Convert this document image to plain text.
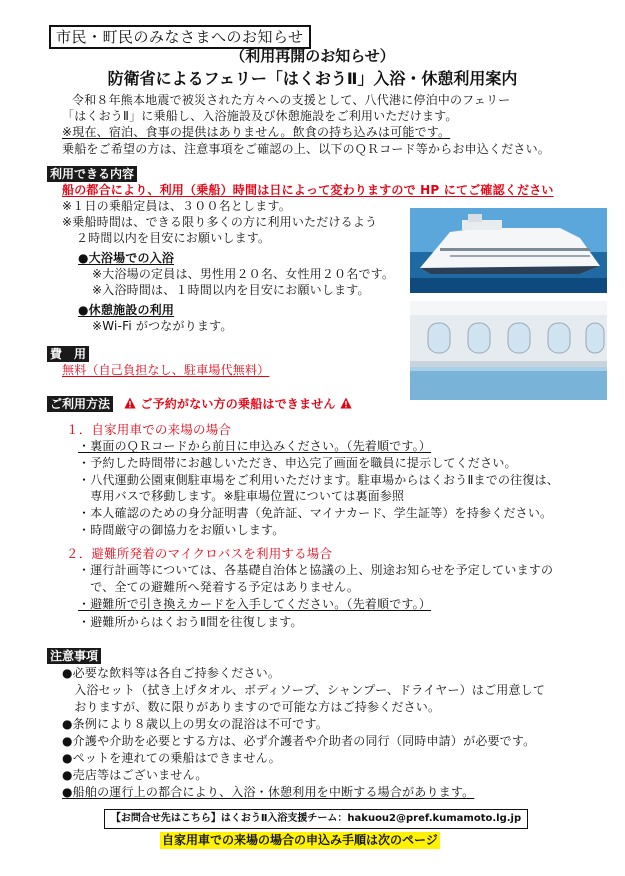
市民・町民のみなさまへのお知らせ
（利用再開のお知らせ）
防衛省によるフェリー「はくおうⅡ」入浴・休憩利用案内
令和８年熊本地震で被災された方々への支援として、八代港に停泊中のフェリー
「はくおうⅡ」に乗船し、入浴施設及び休憩施設をご利用いただけます。
※現在、宿泊、食事の提供はありません。飲食の持ち込みは可能です。
乗船をご希望の方は、注意事項をご確認の上、以下のＱＲコード等からお申込ください。
利用できる内容
船の都合により、利用（乗船）時間は日によって変わりますので HP にてご確認ください
※１日の乗船定員は、３００名とします。
※乗船時間は、できる限り多くの方に利用いただけるよう
２時間以内を目安にお願いします。
●大浴場での入浴
※大浴場の定員は、男性用２０名、女性用２０名です。
※入浴時間は、１時間以内を目安にお願いします。
●休憩施設の利用
※Wi-Fi がつながります。
費　用
無料（自己負担なし、駐車場代無料）
ご利用方法	ご予約がない方の乗船はできません
１．自家用車での来場の場合
・裏面のＱＲコードから前日に申込みください。（先着順です。）
・予約した時間帯にお越しいただき、申込完了画面を職員に提示してください。
・八代運動公園東側駐車場をご利用いただけます。駐車場からはくおうⅡまでの往復は、
　専用バスで移動します。※駐車場位置については裏面参照
・本人確認のための身分証明書（免許証、マイナカード、学生証等）を持参ください。
・時間厳守の御協力をお願いします。
２．避難所発着のマイクロバスを利用する場合
・運行計画等については、各基礎自治体と協議の上、別途お知らせを予定していますの
　で、全ての避難所へ発着する予定はありません。
・避難所で引き換えカードを入手してください。（先着順です。）
・避難所からはくおうⅡ間を往復します。
注意事項
●必要な飲料等は各自ご持参ください。
　入浴セット（拭き上げタオル、ボディソープ、シャンプー、ドライヤー）はご用意して
　おりますが、数に限りがありますので可能な方はご持参ください。
●条例により８歳以上の男女の混浴は不可です。
●介護や介助を必要とする方は、必ず介護者や介助者の同行（同時申請）が必要です。
●ペットを連れての乗船はできません。
●売店等はございません。
●船舶の運行上の都合により、入浴・休憩利用を中断する場合があります。
【お問合せ先はこちら】はくおうⅡ入浴支援チーム：hakuou2@pref.kumamoto.lg.jp
自家用車での来場の場合の申込み手順は次のページ
